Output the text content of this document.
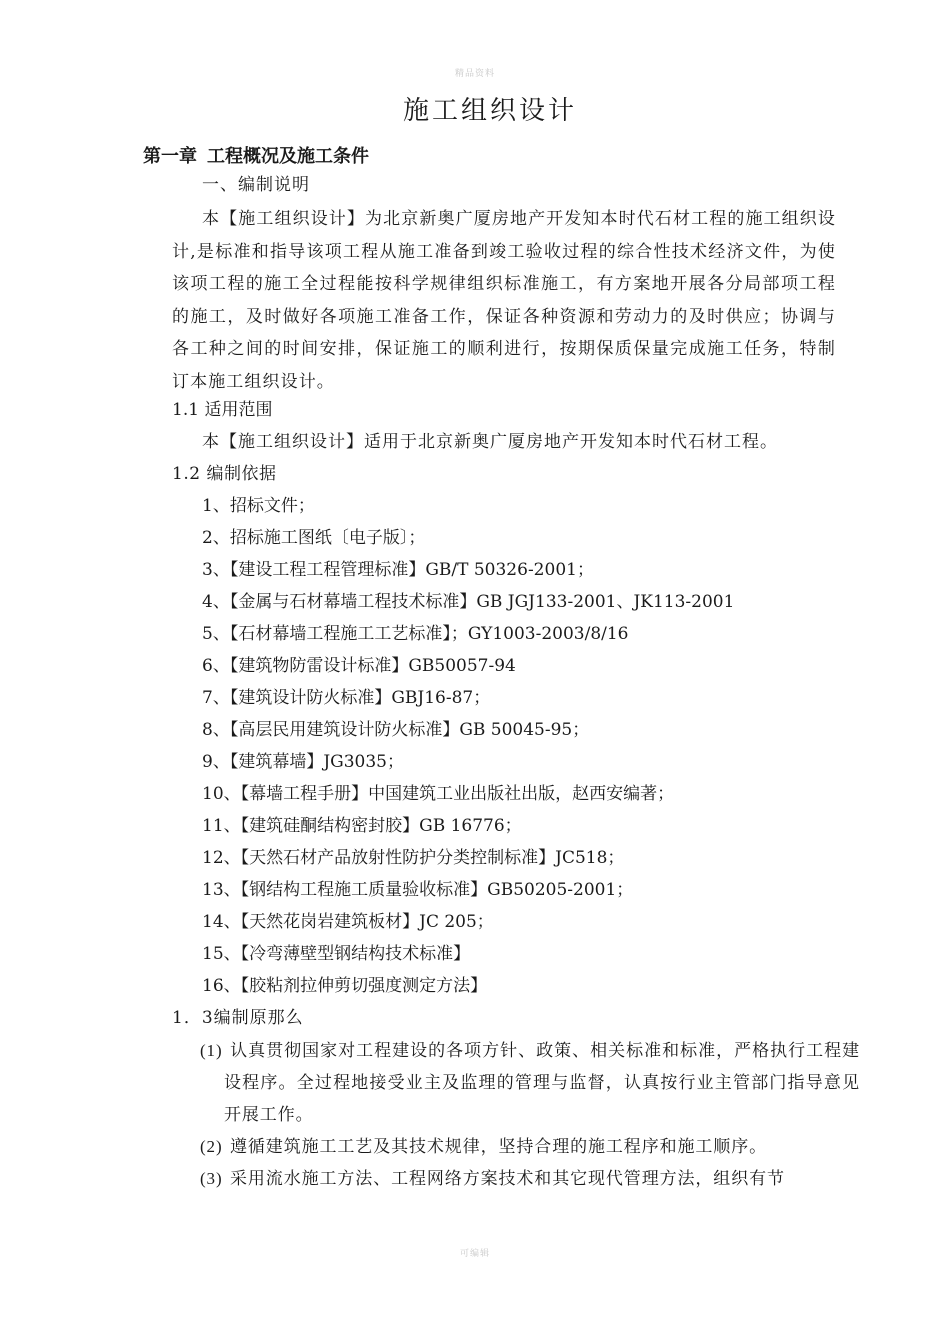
精品资料
施工组织设计
第一章 工程概况及施工条件
一、编制说明

本【施工组织设计】为北京新奥广厦房地产开发知本时代石材工程的施工组织设计,是标准和指导该项工程从施工准备到竣工验收过程的综合性技术经济文件，为使该项工程的施工全过程能按科学规律组织标准施工，有方案地开展各分局部项工程的施工，及时做好各项施工准备工作，保证各种资源和劳动力的及时供应；协调与各工种之间的时间安排，保证施工的顺利进行，按期保质保量完成施工任务，特制订本施工组织设计。

1.1 适用范围
本【施工组织设计】适用于北京新奥广厦房地产开发知本时代石材工程。
1.2 编制依据
1、招标文件；
2、招标施工图纸〔电子版〕；
3、【建设工程工程管理标准】GB/T 50326-2001；
4、【金属与石材幕墙工程技术标准】GB JGJ133-2001、JK113-2001
5、【石材幕墙工程施工工艺标准】；GY1003-2003/8/16
6、【建筑物防雷设计标准】GB50057-94
7、【建筑设计防火标准】GBJ16-87；
8、【高层民用建筑设计防火标准】GB 50045-95；
9、【建筑幕墙】JG3035；
10、【幕墙工程手册】中国建筑工业出版社出版，赵西安编著；
11、【建筑硅酮结构密封胶】GB 16776；
12、【天然石材产品放射性防护分类控制标准】JC518；
13、【钢结构工程施工质量验收标准】GB50205-2001；
14、【天然花岗岩建筑板材】JC 205；
15、【冷弯薄壁型钢结构技术标准】
16、【胶粘剂拉伸剪切强度测定方法】
1．3编制原那么

(1) 认真贯彻国家对工程建设的各项方针、政策、相关标准和标准，严格执行工程建设程序。全过程地接受业主及监理的管理与监督，认真按行业主管部门指导意见开展工作。

(2) 遵循建筑施工工艺及其技术规律，坚持合理的施工程序和施工顺序。

(3) 采用流水施工方法、工程网络方案技术和其它现代管理方法，组织有节

可编辑
